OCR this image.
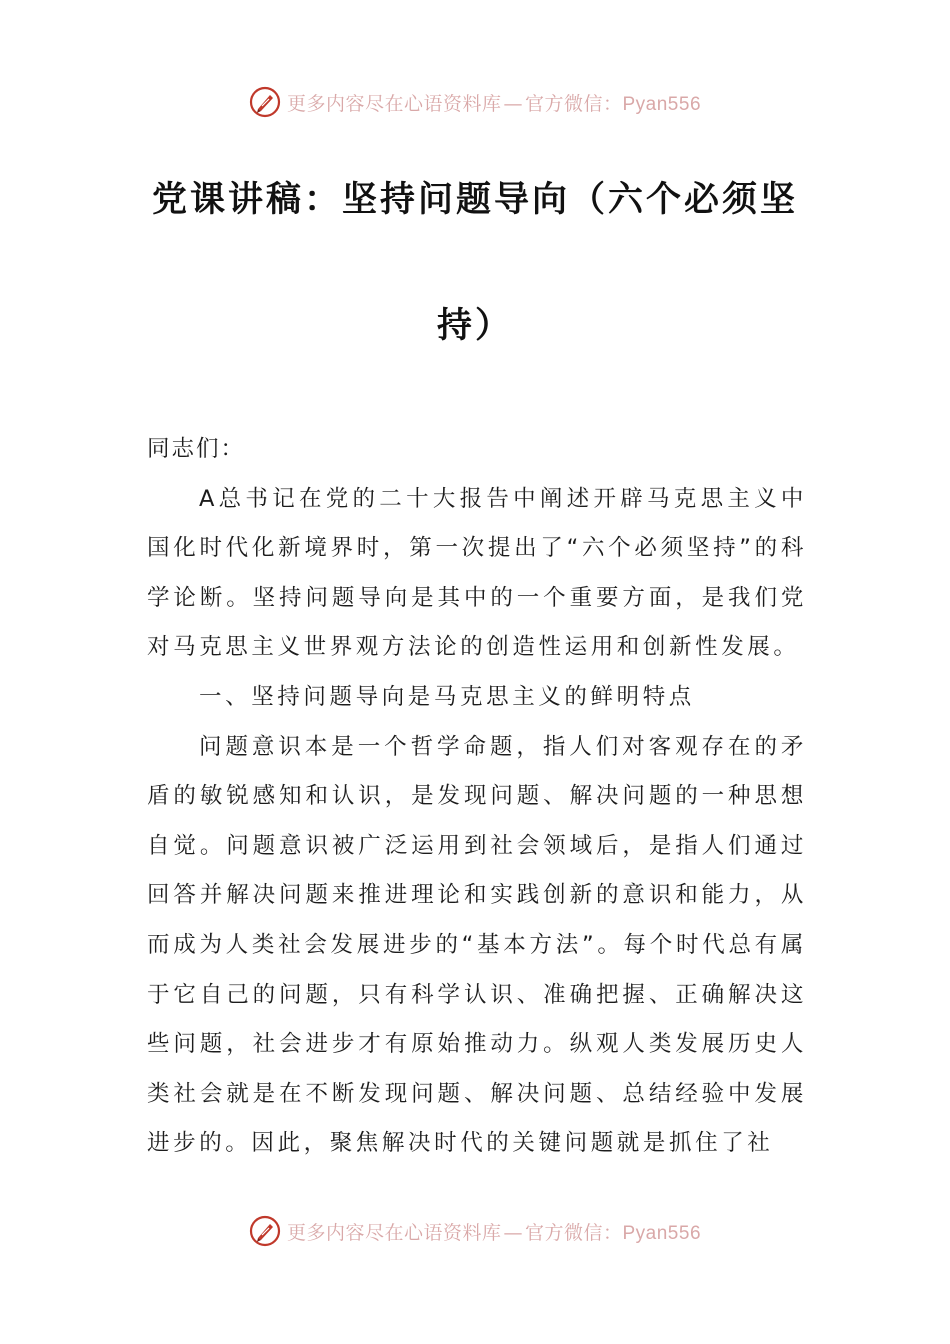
更多内容尽在心语资料库 — 官方微信：Pyan556
党课讲稿：坚持问题导向（六个必须坚
持）

同志们：

A总书记在党的二十大报告中阐述开辟马克思主义中国化时代化新境界时，第一次提出了“六个必须坚持”的科学论断。坚持问题导向是其中的一个重要方面，是我们党对马克思主义世界观方法论的创造性运用和创新性发展。

一、坚持问题导向是马克思主义的鲜明特点

问题意识本是一个哲学命题，指人们对客观存在的矛盾的敏锐感知和认识，是发现问题、解决问题的一种思想自觉。问题意识被广泛运用到社会领域后，是指人们通过回答并解决问题来推进理论和实践创新的意识和能力，从而成为人类社会发展进步的“基本方法”。每个时代总有属于它自己的问题，只有科学认识、准确把握、正确解决这些问题，社会进步才有原始推动力。纵观人类发展历史人类社会就是在不断发现问题、解决问题、总结经验中发展进步的。因此，聚焦解决时代的关键问题就是抓住了社

更多内容尽在心语资料库 — 官方微信：Pyan556
